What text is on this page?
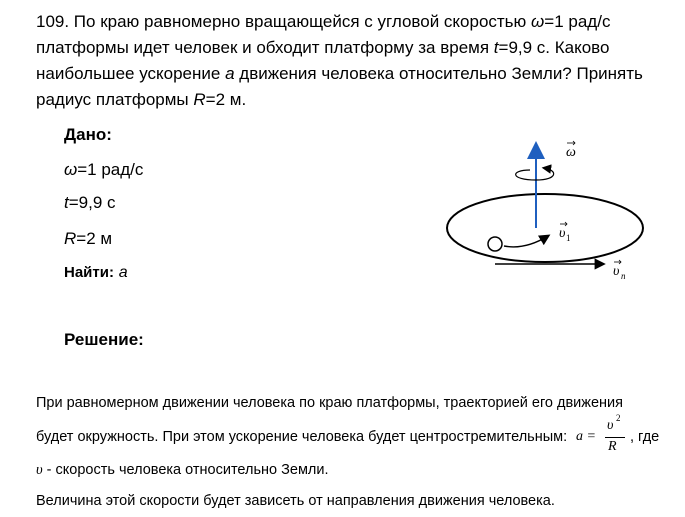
109. По краю равномерно вращающейся с угловой скоростью ω=1 рад/с
платформы идет человек и обходит платформу за время t=9,9 с. Каково
наибольшее ускорение a движения человека относительно Земли? Принять
радиус платформы R=2 м.
Дано:
ω=1 рад/с
t=9,9 с
R=2 м
Найти: a
ω
υ 1
υ п
Решение:
При равномерном движении человека по краю платформы, траекторией его движения
будет окружность. При этом ускорение человека будет центростремительным: a =
υ 2
R
, где
υ - скорость человека относительно Земли.
Величина этой скорости будет зависеть от направления движения человека.
